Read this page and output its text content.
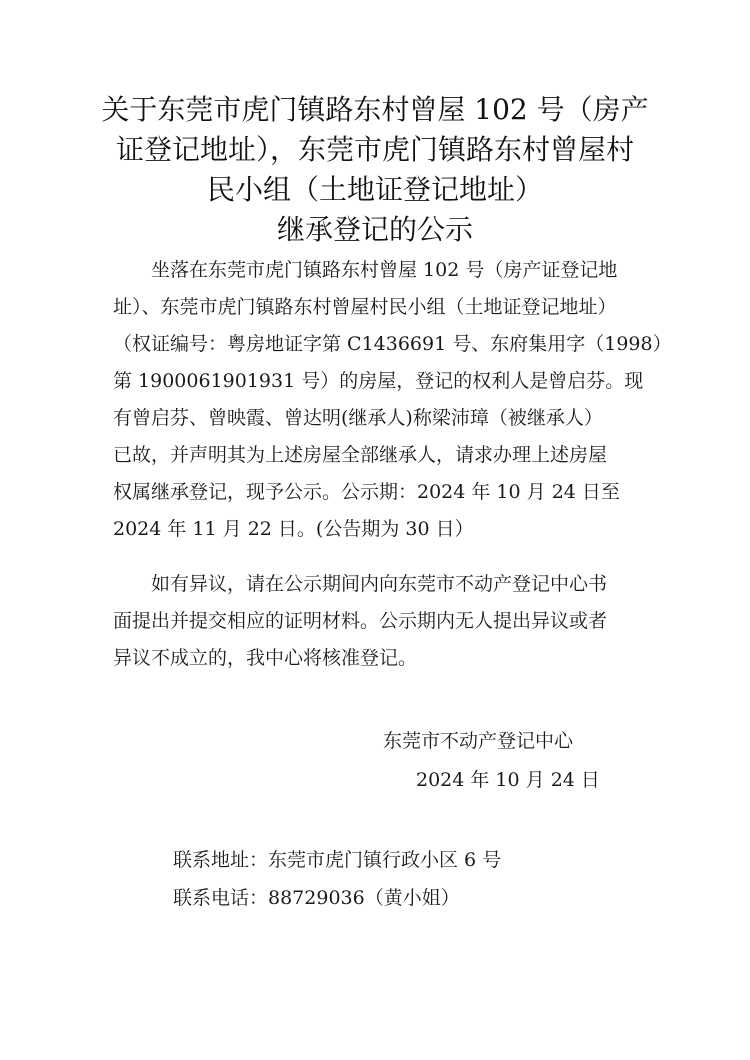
关于东莞市虎门镇路东村曾屋 102 号（房产
证登记地址），东莞市虎门镇路东村曾屋村
民小组（土地证登记地址）
继承登记的公示
　　坐落在东莞市虎门镇路东村曾屋 102 号（房产证登记地
址）、东莞市虎门镇路东村曾屋村民小组（土地证登记地址）
（权证编号：粤房地证字第 C1436691 号、东府集用字（1998）
第 1900061901931 号）的房屋，登记的权利人是曾启芬。现
有曾启芬、曾映霞、曾达明(继承人)称梁沛璋（被继承人）
已故，并声明其为上述房屋全部继承人，请求办理上述房屋
权属继承登记，现予公示。公示期：2024 年 10 月 24 日至
2024 年 11 月 22 日。(公告期为 30 日）
　　如有异议，请在公示期间内向东莞市不动产登记中心书
面提出并提交相应的证明材料。公示期内无人提出异议或者
异议不成立的，我中心将核准登记。
东莞市不动产登记中心
2024 年 10 月 24 日
联系地址：东莞市虎门镇行政小区 6 号
联系电话：88729036（黄小姐）
